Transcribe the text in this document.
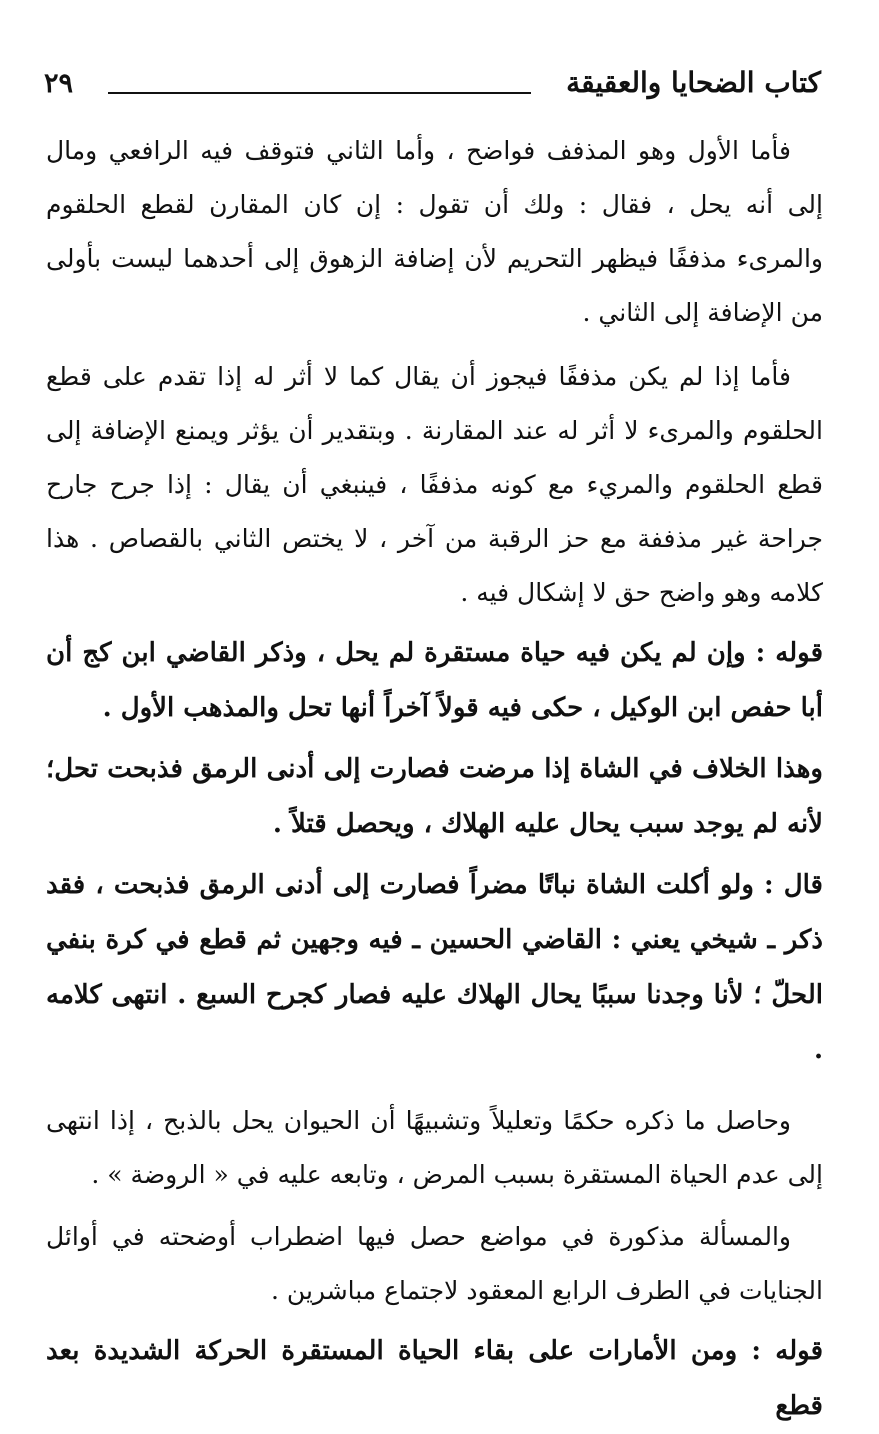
كتاب الضحايا والعقيقة
٢٩

فأما الأول وهو المذفف فواضح ، وأما الثاني فتوقف فيه الرافعي ومال إلى أنه يحل ، فقال : ولك أن تقول : إن كان المقارن لقطع الحلقوم والمرىء مذففًا فيظهر التحريم لأن إضافة الزهوق إلى أحدهما ليست بأولى من الإضافة إلى الثاني .

فأما إذا لم يكن مذففًا فيجوز أن يقال كما لا أثر له إذا تقدم على قطع الحلقوم والمرىء لا أثر له عند المقارنة . وبتقدير أن يؤثر ويمنع الإضافة إلى قطع الحلقوم والمريء مع كونه مذففًا ، فينبغي أن يقال : إذا جرح جارح جراحة غير مذففة مع حز الرقبة من آخر ، لا يختص الثاني بالقصاص . هذا كلامه وهو واضح حق لا إشكال فيه .

قوله : وإن لم يكن فيه حياة مستقرة لم يحل ، وذكر القاضي ابن كج أن أبا حفص ابن الوكيل ، حكى فيه قولاً آخراً أنها تحل والمذهب الأول .

وهذا الخلاف في الشاة إذا مرضت فصارت إلى أدنى الرمق فذبحت تحل؛ لأنه لم يوجد سبب يحال عليه الهلاك ، ويحصل قتلاً .

قال : ولو أكلت الشاة نباتًا مضراً فصارت إلى أدنى الرمق فذبحت ، فقد ذكر ـ شيخي يعني : القاضي الحسين ـ فيه وجهين ثم قطع في كرة بنفي الحلّ ؛ لأنا وجدنا سببًا يحال الهلاك عليه فصار كجرح السبع . انتهى كلامه .

وحاصل ما ذكره حكمًا وتعليلاً وتشبيهًا أن الحيوان يحل بالذبح ، إذا انتهى إلى عدم الحياة المستقرة بسبب المرض ، وتابعه عليه في « الروضة » .

والمسألة مذكورة في مواضع حصل فيها اضطراب أوضحته في أوائل الجنايات في الطرف الرابع المعقود لاجتماع مباشرين .

قوله : ومن الأمارات على بقاء الحياة المستقرة الحركة الشديدة بعد قطع
